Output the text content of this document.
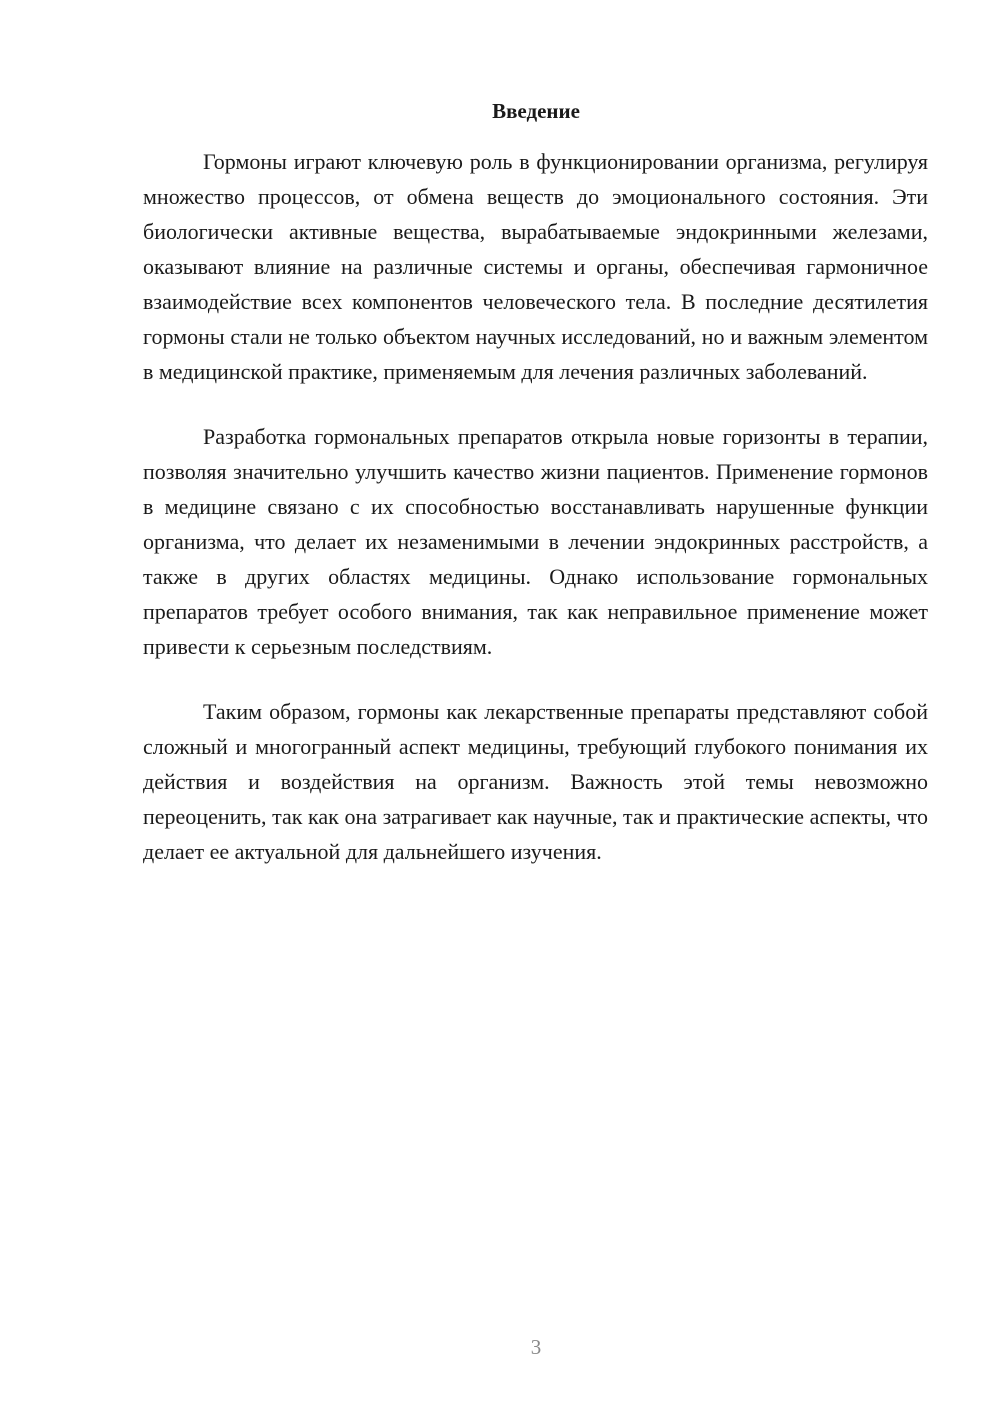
Введение

Гормоны играют ключевую роль в функционировании организма, регулируя множество процессов, от обмена веществ до эмоционального состояния. Эти биологически активные вещества, вырабатываемые эндокринными железами, оказывают влияние на различные системы и органы, обеспечивая гармоничное взаимодействие всех компонентов человеческого тела. В последние десятилетия гормоны стали не только объектом научных исследований, но и важным элементом в медицинской практике, применяемым для лечения различных заболеваний.

Разработка гормональных препаратов открыла новые горизонты в терапии, позволяя значительно улучшить качество жизни пациентов. Применение гормонов в медицине связано с их способностью восстанавливать нарушенные функции организма, что делает их незаменимыми в лечении эндокринных расстройств, а также в других областях медицины. Однако использование гормональных препаратов требует особого внимания, так как неправильное применение может привести к серьезным последствиям.

Таким образом, гормоны как лекарственные препараты представляют собой сложный и многогранный аспект медицины, требующий глубокого понимания их действия и воздействия на организм. Важность этой темы невозможно переоценить, так как она затрагивает как научные, так и практические аспекты, что делает ее актуальной для дальнейшего изучения.

3
